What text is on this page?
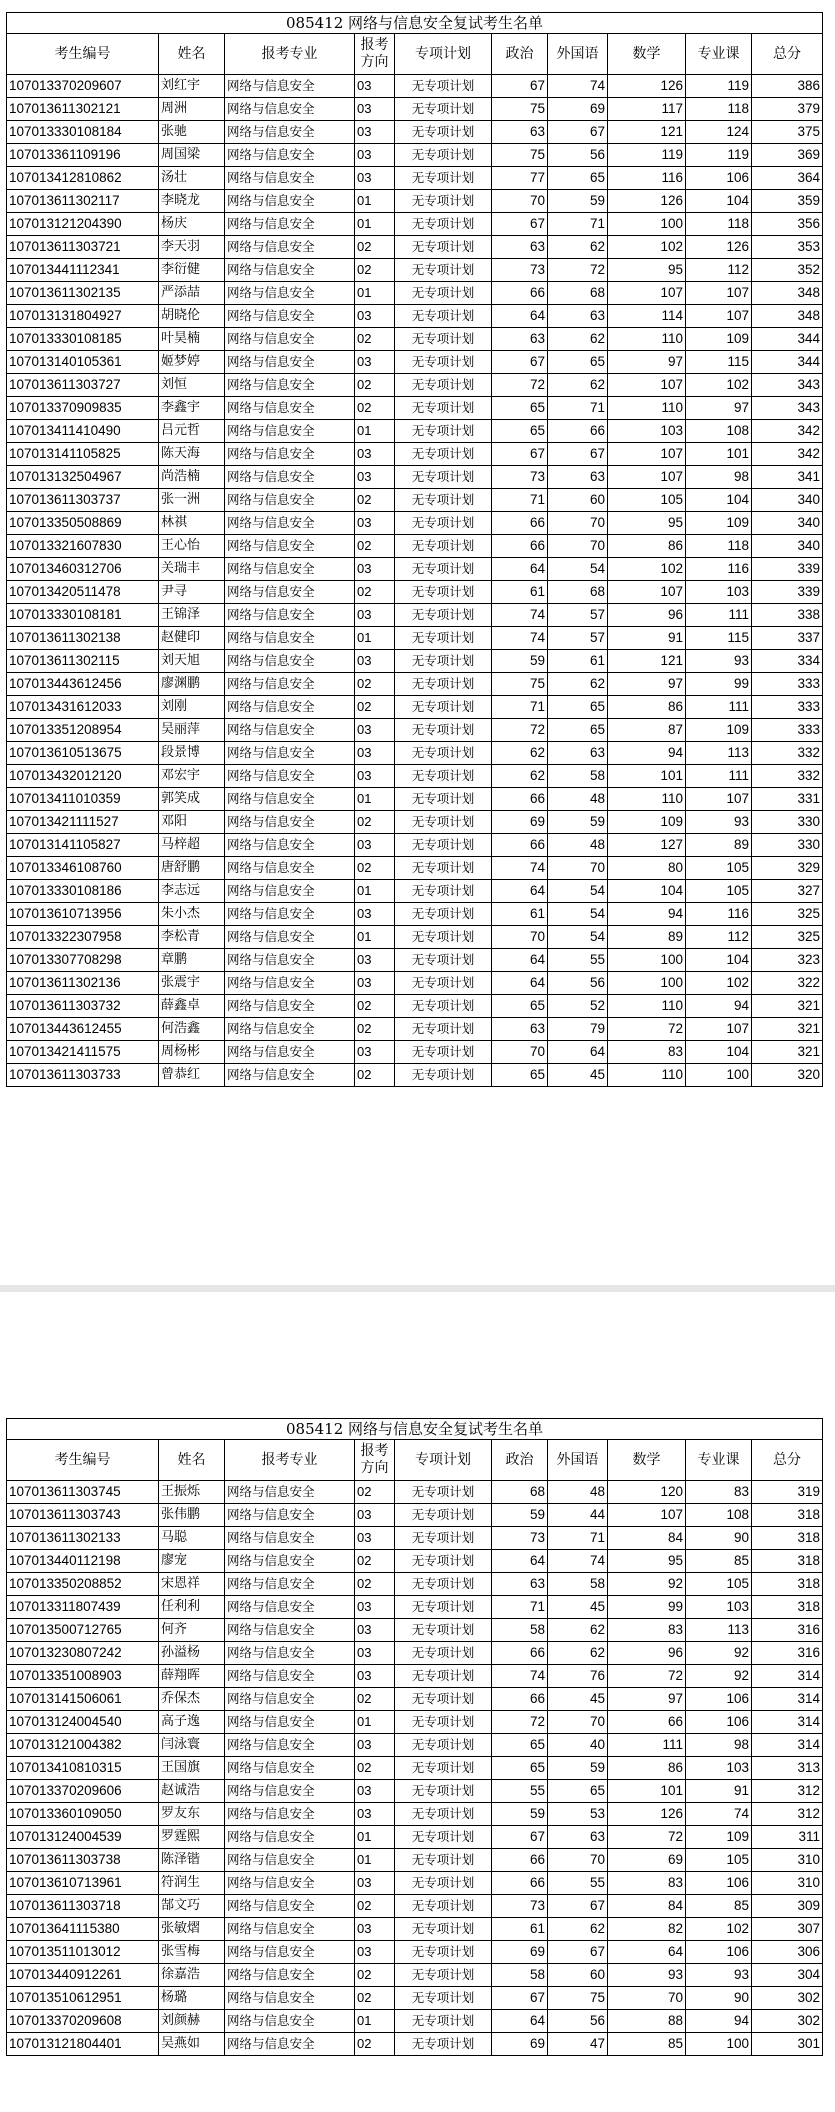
085412 网络与信息安全复试考生名单									
考生编号	姓名	报考专业	报考方向	专项计划	政治	外国语	数学	专业课	总分
107013370209607	刘红宇	网络与信息安全	03	无专项计划	67	74	126	119	386
107013611302121	周洲	网络与信息安全	03	无专项计划	75	69	117	118	379
107013330108184	张驰	网络与信息安全	03	无专项计划	63	67	121	124	375
107013361109196	周国梁	网络与信息安全	03	无专项计划	75	56	119	119	369
107013412810862	汤壮	网络与信息安全	03	无专项计划	77	65	116	106	364
107013611302117	李晓龙	网络与信息安全	01	无专项计划	70	59	126	104	359
107013121204390	杨庆	网络与信息安全	01	无专项计划	67	71	100	118	356
107013611303721	李天羽	网络与信息安全	02	无专项计划	63	62	102	126	353
107013441112341	李衍健	网络与信息安全	02	无专项计划	73	72	95	112	352
107013611302135	严添喆	网络与信息安全	01	无专项计划	66	68	107	107	348
107013131804927	胡晓伦	网络与信息安全	03	无专项计划	64	63	114	107	348
107013330108185	叶昊楠	网络与信息安全	02	无专项计划	63	62	110	109	344
107013140105361	姬梦婷	网络与信息安全	03	无专项计划	67	65	97	115	344
107013611303727	刘恒	网络与信息安全	02	无专项计划	72	62	107	102	343
107013370909835	李鑫宇	网络与信息安全	02	无专项计划	65	71	110	97	343
107013411410490	吕元哲	网络与信息安全	01	无专项计划	65	66	103	108	342
107013141105825	陈天海	网络与信息安全	03	无专项计划	67	67	107	101	342
107013132504967	尚浩楠	网络与信息安全	03	无专项计划	73	63	107	98	341
107013611303737	张一洲	网络与信息安全	02	无专项计划	71	60	105	104	340
107013350508869	林祺	网络与信息安全	03	无专项计划	66	70	95	109	340
107013321607830	王心怡	网络与信息安全	02	无专项计划	66	70	86	118	340
107013460312706	关瑞丰	网络与信息安全	03	无专项计划	64	54	102	116	339
107013420511478	尹寻	网络与信息安全	02	无专项计划	61	68	107	103	339
107013330108181	王锦泽	网络与信息安全	03	无专项计划	74	57	96	111	338
107013611302138	赵健印	网络与信息安全	01	无专项计划	74	57	91	115	337
107013611302115	刘天旭	网络与信息安全	03	无专项计划	59	61	121	93	334
107013443612456	廖渊鹏	网络与信息安全	02	无专项计划	75	62	97	99	333
107013431612033	刘刚	网络与信息安全	02	无专项计划	71	65	86	111	333
107013351208954	吴丽萍	网络与信息安全	03	无专项计划	72	65	87	109	333
107013610513675	段景博	网络与信息安全	03	无专项计划	62	63	94	113	332
107013432012120	邓宏宇	网络与信息安全	03	无专项计划	62	58	101	111	332
107013411010359	郭笑成	网络与信息安全	01	无专项计划	66	48	110	107	331
107013421111527	邓阳	网络与信息安全	02	无专项计划	69	59	109	93	330
107013141105827	马梓超	网络与信息安全	03	无专项计划	66	48	127	89	330
107013346108760	唐舒鹏	网络与信息安全	02	无专项计划	74	70	80	105	329
107013330108186	李志远	网络与信息安全	01	无专项计划	64	54	104	105	327
107013610713956	朱小杰	网络与信息安全	03	无专项计划	61	54	94	116	325
107013322307958	李松青	网络与信息安全	01	无专项计划	70	54	89	112	325
107013307708298	章鹏	网络与信息安全	03	无专项计划	64	55	100	104	323
107013611302136	张震宇	网络与信息安全	03	无专项计划	64	56	100	102	322
107013611303732	薛鑫卓	网络与信息安全	02	无专项计划	65	52	110	94	321
107013443612455	何浩鑫	网络与信息安全	02	无专项计划	63	79	72	107	321
107013421411575	周杨彬	网络与信息安全	03	无专项计划	70	64	83	104	321
107013611303733	曾恭红	网络与信息安全	02	无专项计划	65	45	110	100	320
085412 网络与信息安全复试考生名单									
考生编号	姓名	报考专业	报考方向	专项计划	政治	外国语	数学	专业课	总分
107013611303745	王振烁	网络与信息安全	02	无专项计划	68	48	120	83	319
107013611303743	张伟鹏	网络与信息安全	03	无专项计划	59	44	107	108	318
107013611302133	马聪	网络与信息安全	03	无专项计划	73	71	84	90	318
107013440112198	廖宠	网络与信息安全	02	无专项计划	64	74	95	85	318
107013350208852	宋恩祥	网络与信息安全	02	无专项计划	63	58	92	105	318
107013311807439	任利利	网络与信息安全	03	无专项计划	71	45	99	103	318
107013500712765	何齐	网络与信息安全	03	无专项计划	58	62	83	113	316
107013230807242	孙溢杨	网络与信息安全	03	无专项计划	66	62	96	92	316
107013351008903	薛翔晖	网络与信息安全	03	无专项计划	74	76	72	92	314
107013141506061	乔保杰	网络与信息安全	02	无专项计划	66	45	97	106	314
107013124004540	高子逸	网络与信息安全	01	无专项计划	72	70	66	106	314
107013121004382	闫泳寰	网络与信息安全	03	无专项计划	65	40	111	98	314
107013410810315	王国旗	网络与信息安全	02	无专项计划	65	59	86	103	313
107013370209606	赵诚浩	网络与信息安全	03	无专项计划	55	65	101	91	312
107013360109050	罗友东	网络与信息安全	03	无专项计划	59	53	126	74	312
107013124004539	罗霆熙	网络与信息安全	01	无专项计划	67	63	72	109	311
107013611303738	陈泽锴	网络与信息安全	01	无专项计划	66	70	69	105	310
107013610713961	符润生	网络与信息安全	03	无专项计划	66	55	83	106	310
107013611303718	郜文巧	网络与信息安全	02	无专项计划	73	67	84	85	309
107013641115380	张敏熠	网络与信息安全	03	无专项计划	61	62	82	102	307
107013511013012	张雪梅	网络与信息安全	03	无专项计划	69	67	64	106	306
107013440912261	徐嘉浩	网络与信息安全	02	无专项计划	58	60	93	93	304
107013510612951	杨璐	网络与信息安全	02	无专项计划	67	75	70	90	302
107013370209608	刘颜赫	网络与信息安全	01	无专项计划	64	56	88	94	302
107013121804401	吴燕如	网络与信息安全	02	无专项计划	69	47	85	100	301
